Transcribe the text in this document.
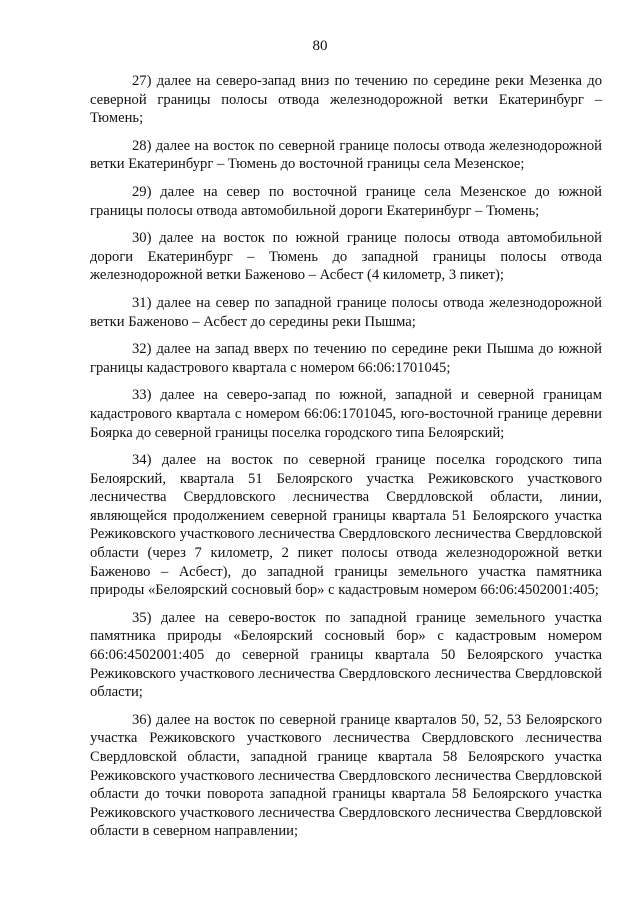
80

27) далее на северо-запад вниз по течению по середине реки Мезенка до северной границы полосы отвода железнодорожной ветки Екатеринбург – Тюмень;

28) далее на восток по северной границе полосы отвода железнодорожной ветки Екатеринбург – Тюмень до восточной границы села Мезенское;

29) далее на север по восточной границе села Мезенское до южной границы полосы отвода автомобильной дороги Екатеринбург – Тюмень;

30) далее на восток по южной границе полосы отвода автомобильной дороги Екатеринбург – Тюмень до западной границы полосы отвода железнодорожной ветки Баженово – Асбест (4 километр, 3 пикет);

31) далее на север по западной границе полосы отвода железнодорожной ветки Баженово – Асбест до середины реки Пышма;

32) далее на запад вверх по течению по середине реки Пышма до южной границы кадастрового квартала с номером 66:06:1701045;

33) далее на северо-запад по южной, западной и северной границам кадастрового квартала с номером 66:06:1701045, юго-восточной границе деревни Боярка до северной границы поселка городского типа Белоярский;

34) далее на восток по северной границе поселка городского типа Белоярский, квартала 51 Белоярского участка Режиковского участкового лесничества Свердловского лесничества Свердловской области, линии, являющейся продолжением северной границы квартала 51 Белоярского участка Режиковского участкового лесничества Свердловского лесничества Свердловской области (через 7 километр, 2 пикет полосы отвода железнодорожной ветки Баженово – Асбест), до западной границы земельного участка памятника природы «Белоярский сосновый бор» с кадастровым номером 66:06:4502001:405;

35) далее на северо-восток по западной границе земельного участка памятника природы «Белоярский сосновый бор» с кадастровым номером 66:06:4502001:405 до северной границы квартала 50 Белоярского участка Режиковского участкового лесничества Свердловского лесничества Свердловской области;

36) далее на восток по северной границе кварталов 50, 52, 53 Белоярского участка Режиковского участкового лесничества Свердловского лесничества Свердловской области, западной границе квартала 58 Белоярского участка Режиковского участкового лесничества Свердловского лесничества Свердловской области до точки поворота западной границы квартала 58 Белоярского участка Режиковского участкового лесничества Свердловского лесничества Свердловской области в северном направлении;
